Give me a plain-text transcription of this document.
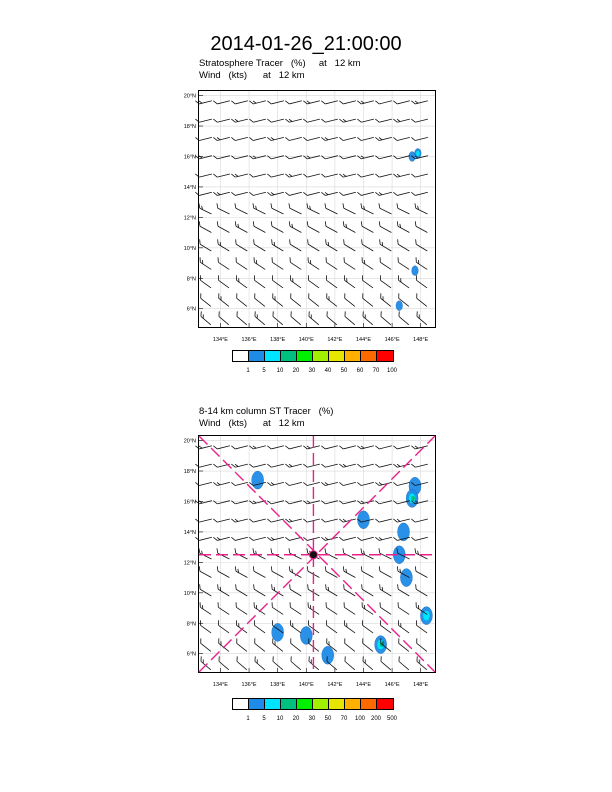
2014-01-26_21:00:00
Stratosphere Tracer   (%)     at   12 km
Wind   (kts)      at   12 km
134°E 136°E 138°E 140°E 142°E 144°E 146°E 148°E
6°N
8°N
10°N
12°N
14°N
16°N
18°N
20°N
1	5	10	20	30	40	50	60	70	100
8-14 km column ST Tracer   (%)
Wind   (kts)      at   12 km
134°E 136°E 138°E 140°E 142°E 144°E 146°E 148°E
6°N
8°N
10°N
12°N
14°N
16°N
18°N
20°N
1	5	10	20	30	50	70	100 200 500
